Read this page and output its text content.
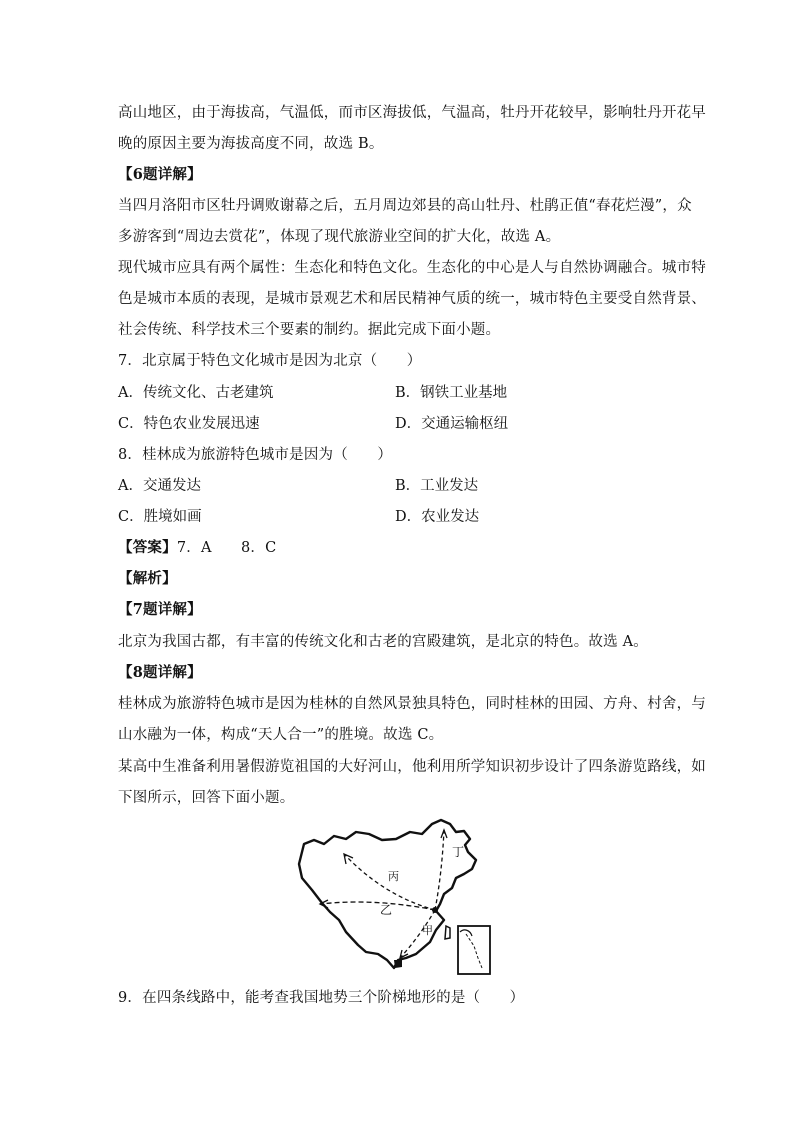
高山地区，由于海拔高，气温低，而市区海拔低，气温高，牡丹开花较早，影响牡丹开花早
晚的原因主要为海拔高度不同，故选 B。
【6题详解】
当四月洛阳市区牡丹调败谢幕之后，五月周边郊县的高山牡丹、杜鹃正值“春花烂漫”，众
多游客到“周边去赏花”，体现了现代旅游业空间的扩大化，故选 A。
现代城市应具有两个属性：生态化和特色文化。生态化的中心是人与自然协调融合。城市特
色是城市本质的表现，是城市景观艺术和居民精神气质的统一，城市特色主要受自然背景、
社会传统、科学技术三个要素的制约。据此完成下面小题。
7．北京属于特色文化城市是因为北京（　　）
A．传统文化、古老建筑	B．钢铁工业基地
C．特色农业发展迅速	D．交通运输枢纽
8．桂林成为旅游特色城市是因为（　　）
A．交通发达	B．工业发达
C．胜境如画	D．农业发达
【答案】7．A　　8．C
【解析】
【7题详解】
北京为我国古都，有丰富的传统文化和古老的宫殿建筑，是北京的特色。故选 A。
【8题详解】
桂林成为旅游特色城市是因为桂林的自然风景独具特色，同时桂林的田园、方舟、村舍，与
山水融为一体，构成“天人合一”的胜境。故选 C。
某高中生准备利用暑假游览祖国的大好河山，他利用所学知识初步设计了四条游览路线，如
下图所示，回答下面小题。
丁
丙
乙
甲
9．在四条线路中，能考查我国地势三个阶梯地形的是（　　）
